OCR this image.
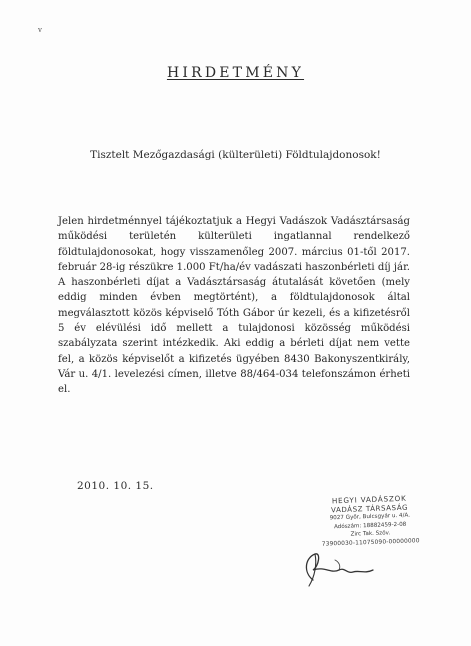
v
HIRDETMÉNY
Tisztelt Mezőgazdasági (külterületi) Földtulajdonosok!
Jelen hirdetménnyel tájékoztatjuk a Hegyi Vadászok Vadásztársaság működési területén külterületi ingatlannal rendelkező földtulajdonosokat, hogy visszamenőleg 2007. március 01-től 2017. február 28-ig részükre 1.000 Ft/ha/év vadászati haszonbérleti díj jár. A haszonbérleti díjat a Vadásztársaság átutalását követően (mely eddig minden évben megtörtént), a földtulajdonosok által megválasztott közös képviselő Tóth Gábor úr kezeli, és a kifizetésről 5 év elévülési idő mellett a tulajdonosi közösség működési szabályzata szerint intézkedik. Aki eddig a bérleti díjat nem vette fel, a közös képviselőt a kifizetés ügyében 8430 Bakonyszentkirály, Vár u. 4/1. levelezési címen, illetve 88/464-034 telefonszámon érheti el.
2010. 10. 15.
HEGYI VADÁSZOK
VADÁSZ TÁRSASÁG
9027 Győr, Bulcsgyár u. 4/A.
Adószám: 18882459-2-08
Zirc Tak. Szöv.
73900030-11075090-00000000
